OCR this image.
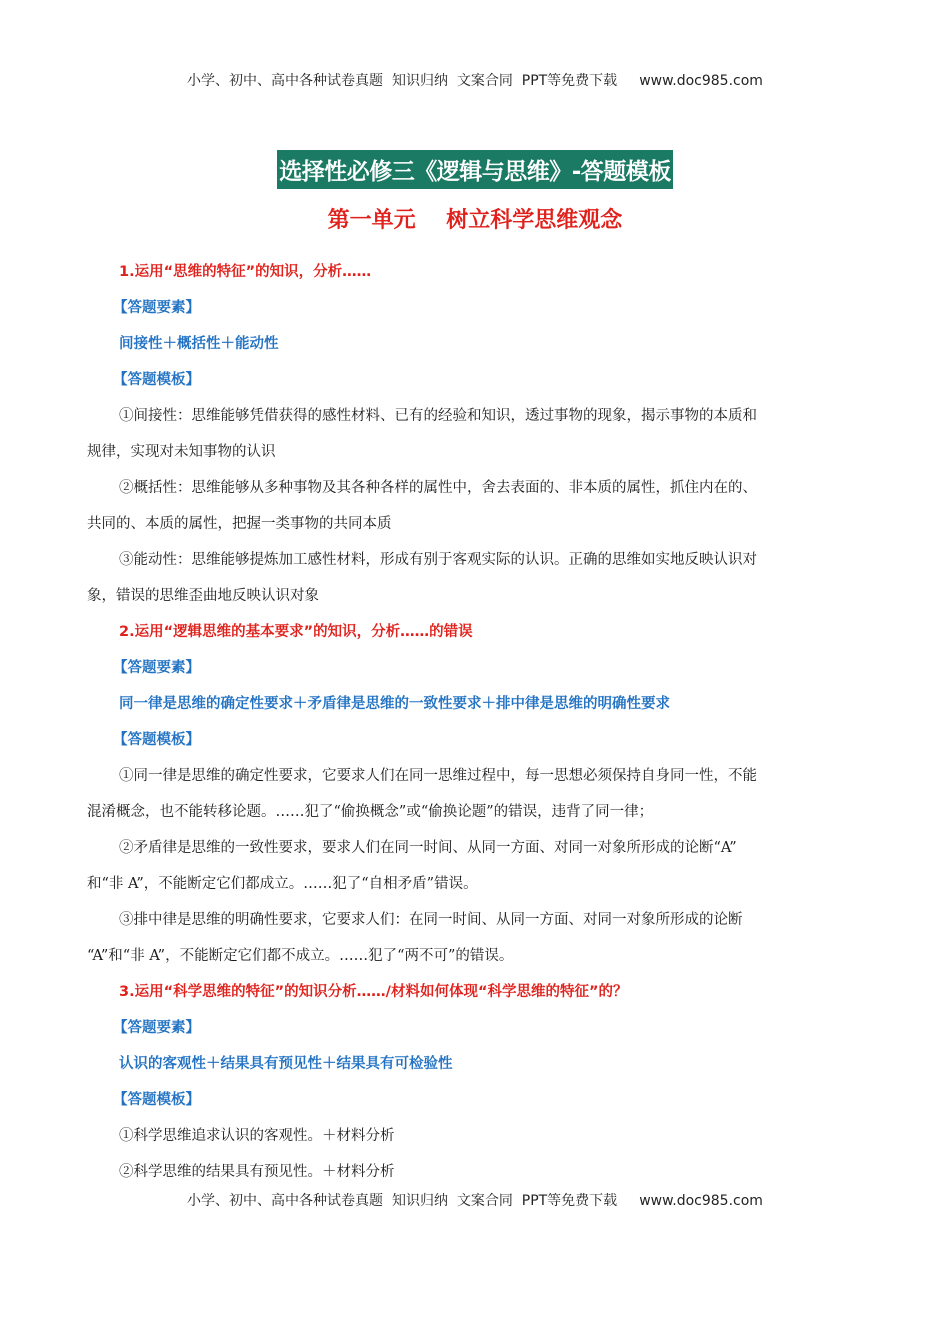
小学、初中、高中各种试卷真题  知识归纳  文案合同  PPT等免费下载 www.doc985.com
选择性必修三《逻辑与思维》-答题模板
第一单元    树立科学思维观念
1.运用“思维的特征”的知识，分析……
【答题要素】
间接性＋概括性＋能动性
【答题模板】
①间接性：思维能够凭借获得的感性材料、已有的经验和知识，透过事物的现象，揭示事物的本质和
规律，实现对未知事物的认识
②概括性：思维能够从多种事物及其各种各样的属性中，舍去表面的、非本质的属性，抓住内在的、
共同的、本质的属性，把握一类事物的共同本质
③能动性：思维能够提炼加工感性材料，形成有别于客观实际的认识。正确的思维如实地反映认识对
象，错误的思维歪曲地反映认识对象
2.运用“逻辑思维的基本要求”的知识，分析……的错误
【答题要素】
同一律是思维的确定性要求＋矛盾律是思维的一致性要求＋排中律是思维的明确性要求
【答题模板】
①同一律是思维的确定性要求，它要求人们在同一思维过程中，每一思想必须保持自身同一性，不能
混淆概念，也不能转移论题。……犯了“偷换概念”或“偷换论题”的错误，违背了同一律；
②矛盾律是思维的一致性要求，要求人们在同一时间、从同一方面、对同一对象所形成的论断“A”
和“非 A”，不能断定它们都成立。……犯了“自相矛盾”错误。
③排中律是思维的明确性要求，它要求人们：在同一时间、从同一方面、对同一对象所形成的论断
“A”和“非 A”，不能断定它们都不成立。……犯了“两不可”的错误。
3.运用“科学思维的特征”的知识分析……/材料如何体现“科学思维的特征”的？
【答题要素】
认识的客观性＋结果具有预见性＋结果具有可检验性
【答题模板】
①科学思维追求认识的客观性。＋材料分析
②科学思维的结果具有预见性。＋材料分析
小学、初中、高中各种试卷真题  知识归纳  文案合同  PPT等免费下载 www.doc985.com
